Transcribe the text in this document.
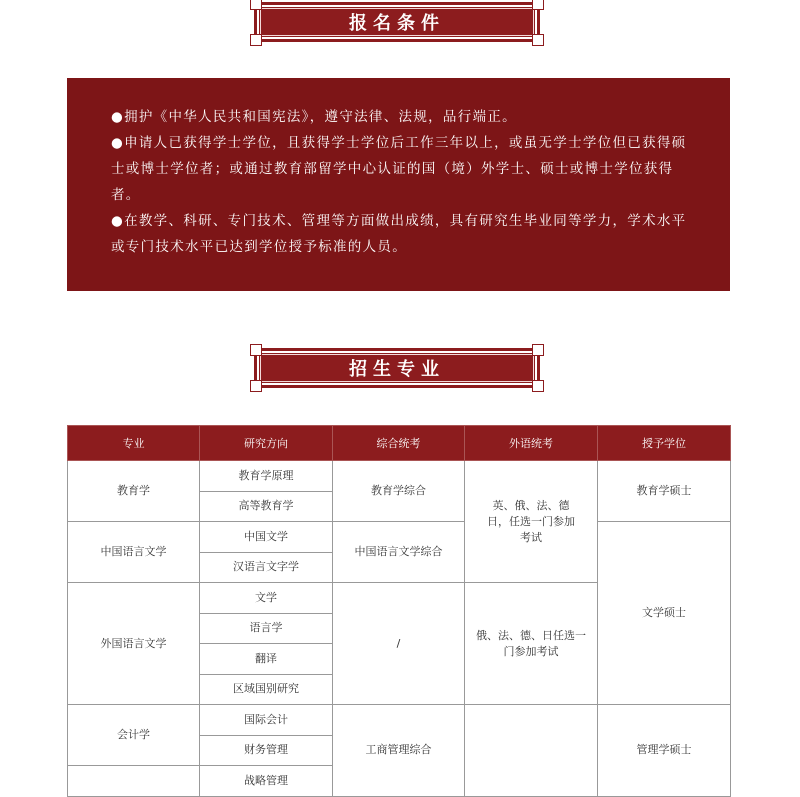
报名条件

●拥护《中华人民共和国宪法》，遵守法律、法规，品行端正。

●申请人已获得学士学位，且获得学士学位后工作三年以上，或虽无学士学位但已获得硕士或博士学位者；或通过教育部留学中心认证的国（境）外学士、硕士或博士学位获得者。

●在教学、科研、专门技术、管理等方面做出成绩，具有研究生毕业同等学力，学术水平或专门技术水平已达到学位授予标准的人员。

招生专业
专业	研究方向	综合统考	外语统考	授予学位
教育学	教育学原理	教育学综合	英、俄、法、德日，任选一门参加考试	教育学硕士
	高等教育学			
中国语言文学	中国文学	中国语言文学综合		文学硕士
	汉语言文字学			
外国语言文学	文学	/	俄、法、德、日任选一门参加考试	
	语言学			
	翻译			
	区域国别研究			
会计学	国际会计	工商管理综合		管理学硕士
	财务管理			
	战略管理			
